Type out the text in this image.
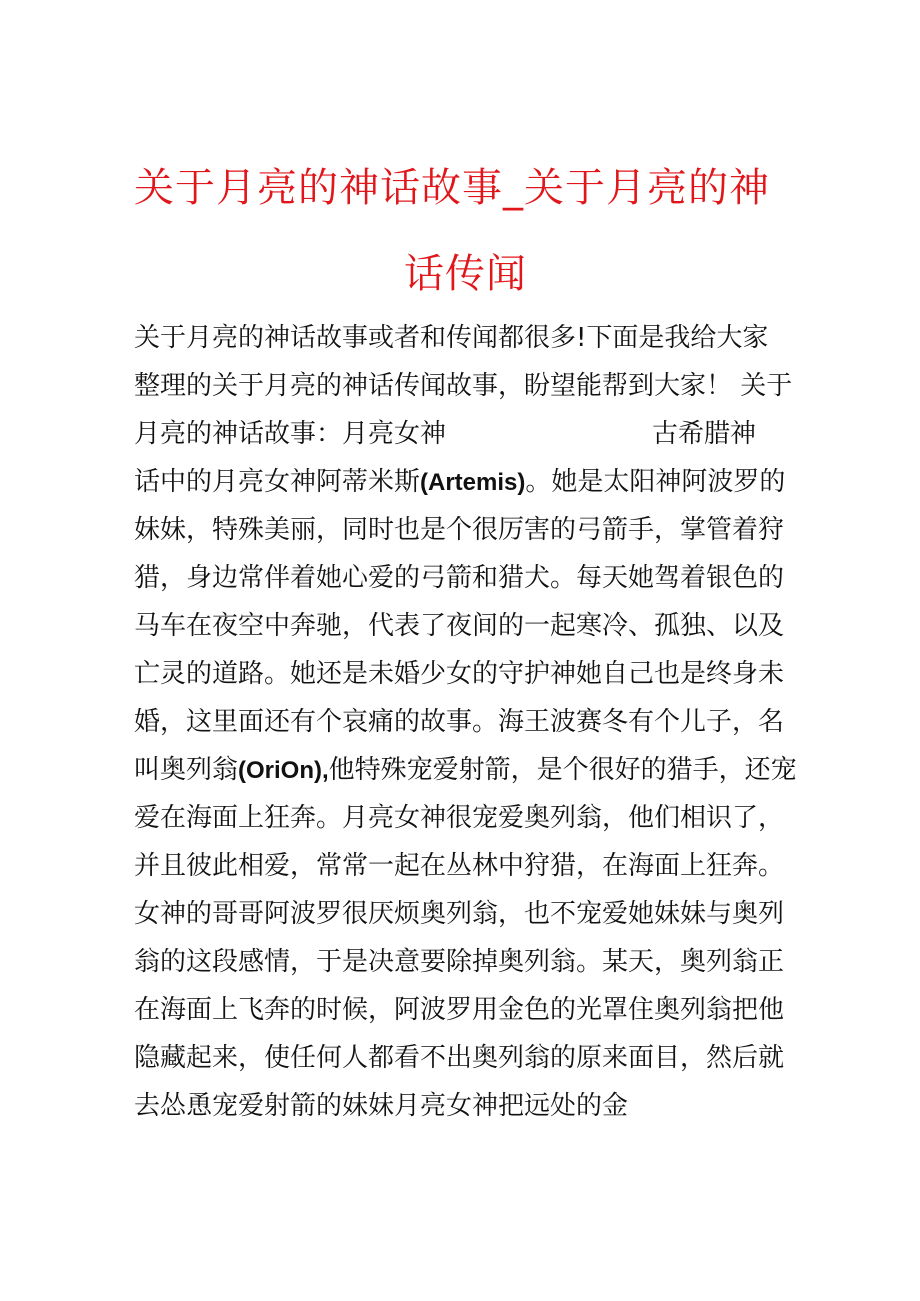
关于月亮的神话故事_关于月亮的神
话传闻
关于月亮的神话故事或者和传闻都很多!下面是我给大家
整理的关于月亮的神话传闻故事，盼望能帮到大家！ 关于
月亮的神话故事：月亮女神	古希腊神
话中的月亮女神阿蒂米斯(Artemis)。她是太阳神阿波罗的
妹妹，特殊美丽，同时也是个很厉害的弓箭手，掌管着狩
猎，身边常伴着她心爱的弓箭和猎犬。每天她驾着银色的
马车在夜空中奔驰，代表了夜间的一起寒冷、孤独、以及
亡灵的道路。她还是未婚少女的守护神她自己也是终身未
婚，这里面还有个哀痛的故事。海王波赛冬有个儿子，名
叫奥列翁(OriOn),他特殊宠爱射箭，是个很好的猎手，还宠
爱在海面上狂奔。月亮女神很宠爱奥列翁，他们相识了，
并且彼此相爱，常常一起在丛林中狩猎，在海面上狂奔。
女神的哥哥阿波罗很厌烦奥列翁，也不宠爱她妹妹与奥列
翁的这段感情，于是决意要除掉奥列翁。某天，奥列翁正
在海面上飞奔的时候，阿波罗用金色的光罩住奥列翁把他
隐藏起来，使任何人都看不出奥列翁的原来面目，然后就
去怂恿宠爱射箭的妹妹月亮女神把远处的金
